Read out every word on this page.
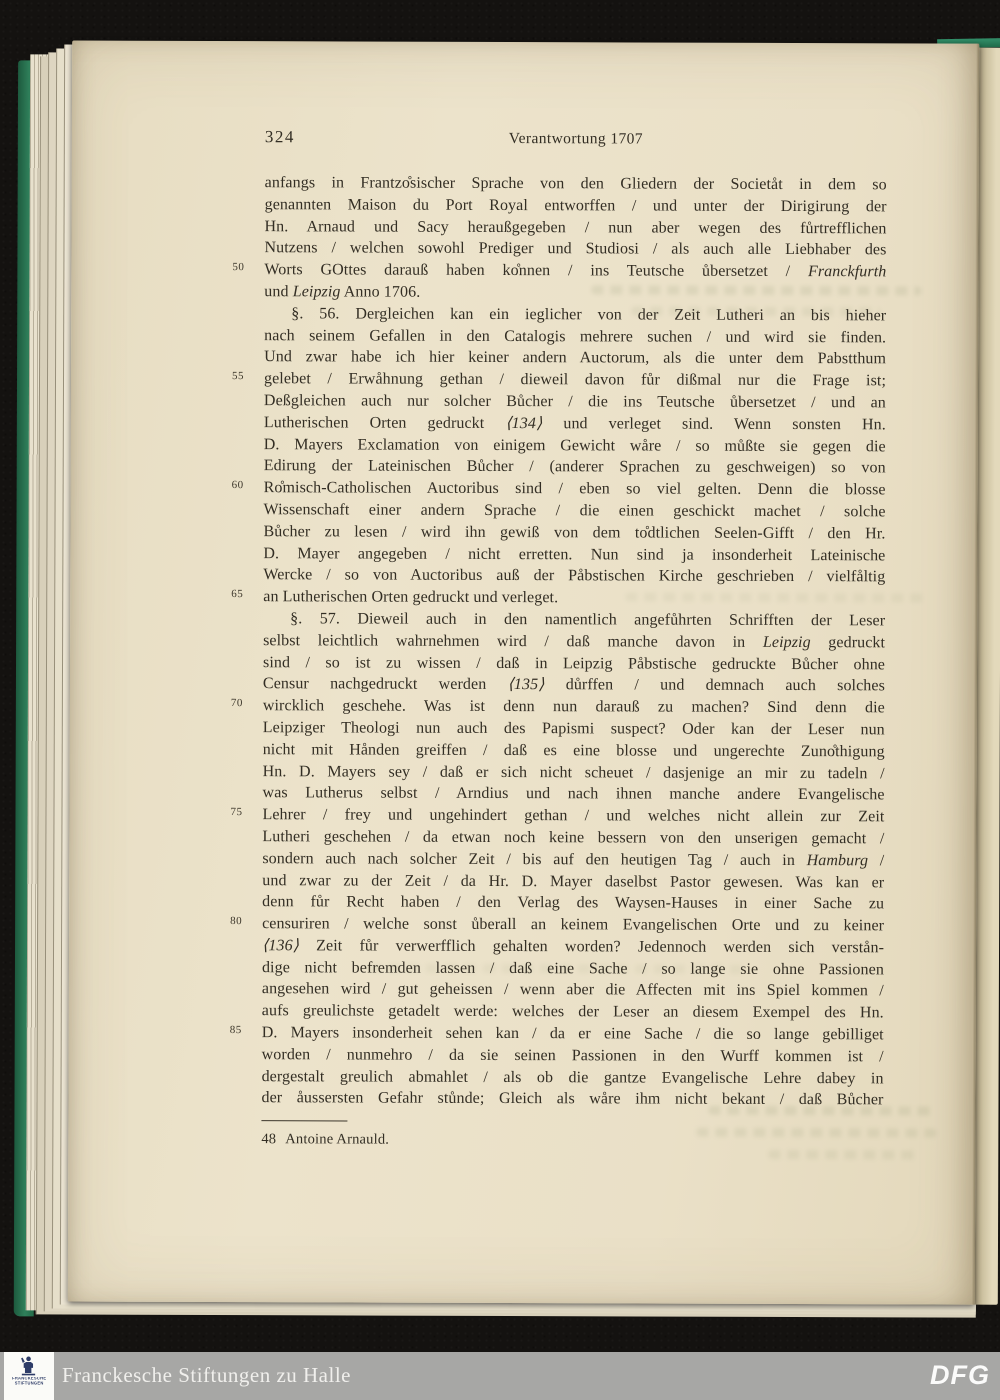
324	Verantwortung 1707
anfangs in Frantzo̊sischer Sprache von den Gliedern der Societåt in dem so
genannten Maison du Port Royal entworffen / und unter der Dirigirung der
Hn. Arnaud und Sacy heraußgegeben / nun aber wegen des fůrtrefflichen
Nutzens / welchen sowohl Prediger und Studiosi / als auch alle Liebhaber des
50	Worts GOttes darauß haben ko̊nnen / ins Teutsche ůbersetzet / Franckfurth
und Leipzig Anno 1706.
§. 56. Dergleichen kan ein ieglicher von der Zeit Lutheri an bis hieher
nach seinem Gefallen in den Catalogis mehrere suchen / und wird sie finden.
Und zwar habe ich hier keiner andern Auctorum, als die unter dem Pabstthum
55	gelebet / Erwåhnung gethan / dieweil davon fůr dißmal nur die Frage ist;
Deßgleichen auch nur solcher Bůcher / die ins Teutsche ůbersetzet / und an
Lutherischen Orten gedruckt ⟨134⟩ und verleget sind. Wenn sonsten Hn.
D. Mayers Exclamation von einigem Gewicht wåre / so můßte sie gegen die
Edirung der Lateinischen Bůcher / (anderer Sprachen zu geschweigen) so von
60	Ro̊misch-Catholischen Auctoribus sind / eben so viel gelten. Denn die blosse
Wissenschaft einer andern Sprache / die einen geschickt machet / solche
Bůcher zu lesen / wird ihn gewiß von dem to̊dtlichen Seelen-Gifft / den Hr.
D. Mayer angegeben / nicht erretten. Nun sind ja insonderheit Lateinische
Wercke / so von Auctoribus auß der Påbstischen Kirche geschrieben / vielfåltig
65	an Lutherischen Orten gedruckt und verleget.
§. 57. Dieweil auch in den namentlich angefůhrten Schrifften der Leser
selbst leichtlich wahrnehmen wird / daß manche davon in Leipzig gedruckt
sind / so ist zu wissen / daß in Leipzig Påbstische gedruckte Bůcher ohne
Censur nachgedruckt werden ⟨135⟩ důrffen / und demnach auch solches
70	wircklich geschehe. Was ist denn nun darauß zu machen? Sind denn die
Leipziger Theologi nun auch des Papismi suspect? Oder kan der Leser nun
nicht mit Hånden greiffen / daß es eine blosse und ungerechte Zuno̊thigung
Hn. D. Mayers sey / daß er sich nicht scheuet / dasjenige an mir zu tadeln /
was Lutherus selbst / Arndius und nach ihnen manche andere Evangelische
75	Lehrer / frey und ungehindert gethan / und welches nicht allein zur Zeit
Lutheri geschehen / da etwan noch keine bessern von den unserigen gemacht /
sondern auch nach solcher Zeit / bis auf den heutigen Tag / auch in Hamburg /
und zwar zu der Zeit / da Hr. D. Mayer daselbst Pastor gewesen. Was kan er
denn fůr Recht haben / den Verlag des Waysen-Hauses in einer Sache zu
80	censuriren / welche sonst ůberall an keinem Evangelischen Orte und zu keiner
⟨136⟩ Zeit fůr verwerfflich gehalten worden? Jedennoch werden sich verstån-
dige nicht befremden lassen / daß eine Sache / so lange sie ohne Passionen
angesehen wird / gut geheissen / wenn aber die Affecten mit ins Spiel kommen /
aufs greulichste getadelt werde: welches der Leser an diesem Exempel des Hn.
85	D. Mayers insonderheit sehen kan / da er eine Sache / die so lange gebilliget
worden / nunmehro / da sie seinen Passionen in den Wurff kommen ist /
dergestalt greulich abmahlet / als ob die gantze Evangelische Lehre dabey in
der åussersten Gefahr stůnde; Gleich als wåre ihm nicht bekant / daß Bůcher
48 Antoine Arnauld.
FRANCKESCHE
STIFTUNGEN Franckesche Stiftungen zu Halle	DFG
